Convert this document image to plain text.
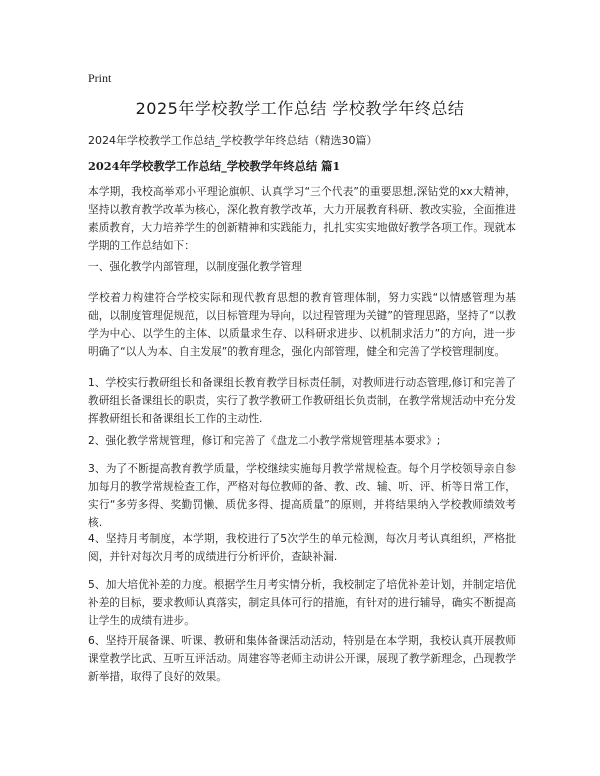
Print
2025年学校教学工作总结 学校教学年终总结
2024年学校教学工作总结_学校教学年终总结（精选30篇）
2024年学校教学工作总结_学校教学年终总结 篇1

本学期，我校高举邓小平理论旗帜、认真学习“三个代表”的重要思想,深钻党的xx大精神，坚持以教育教学改革为核心，深化教育教学改革，大力开展教育科研、教改实验，全面推进素质教育，大力培养学生的创新精神和实践能力，扎扎实实实地做好教学各项工作。现就本学期的工作总结如下：

一、强化教学内部管理，以制度强化教学管理

学校着力构建符合学校实际和现代教育思想的教育管理体制，努力实践“以情感管理为基础，以制度管理促规范，以目标管理为导向，以过程管理为关键”的管理思路，坚持了“以教学为中心、以学生的主体、以质量求生存、以科研求进步、以机制求活力”的方向，进一步明确了“以人为本、自主发展”的教育理念，强化内部管理，健全和完善了学校管理制度。

1、学校实行教研组长和备课组长教育教学目标责任制，对教师进行动态管理,修订和完善了教研组长备课组长的职责，实行了教学教研工作教研组长负责制，在教学常规活动中充分发挥教研组长和备课组长工作的主动性.

2、强化教学常规管理，修订和完善了《盘龙二小教学常规管理基本要求》;

3、为了不断提高教育教学质量，学校继续实施每月教学常规检查。每个月学校领导亲自参加每月的教学常规检查工作，严格对每位教师的备、教、改、辅、听、评、析等日常工作，实行“多劳多得、奖勤罚懒、质优多得、提高质量”的原则，并将结果纳入学校教师绩效考核.

4、坚持月考制度，本学期，我校进行了5次学生的单元检测，每次月考认真组织，严格批阅，并针对每次月考的成绩进行分析评价，查缺补漏.

5、加大培优补差的力度。根据学生月考实情分析，我校制定了培优补差计划，并制定培优补差的目标，要求教师认真落实，制定具体可行的措施，有针对的进行辅导，确实不断提高让学生的成绩有进步。

6、坚持开展备课、听课、教研和集体备课活动活动，特别是在本学期，我校认真开展教师课堂教学比武、互听互评活动。周建容等老师主动讲公开课，展现了教学新理念，凸现教学新举措，取得了良好的效果。
